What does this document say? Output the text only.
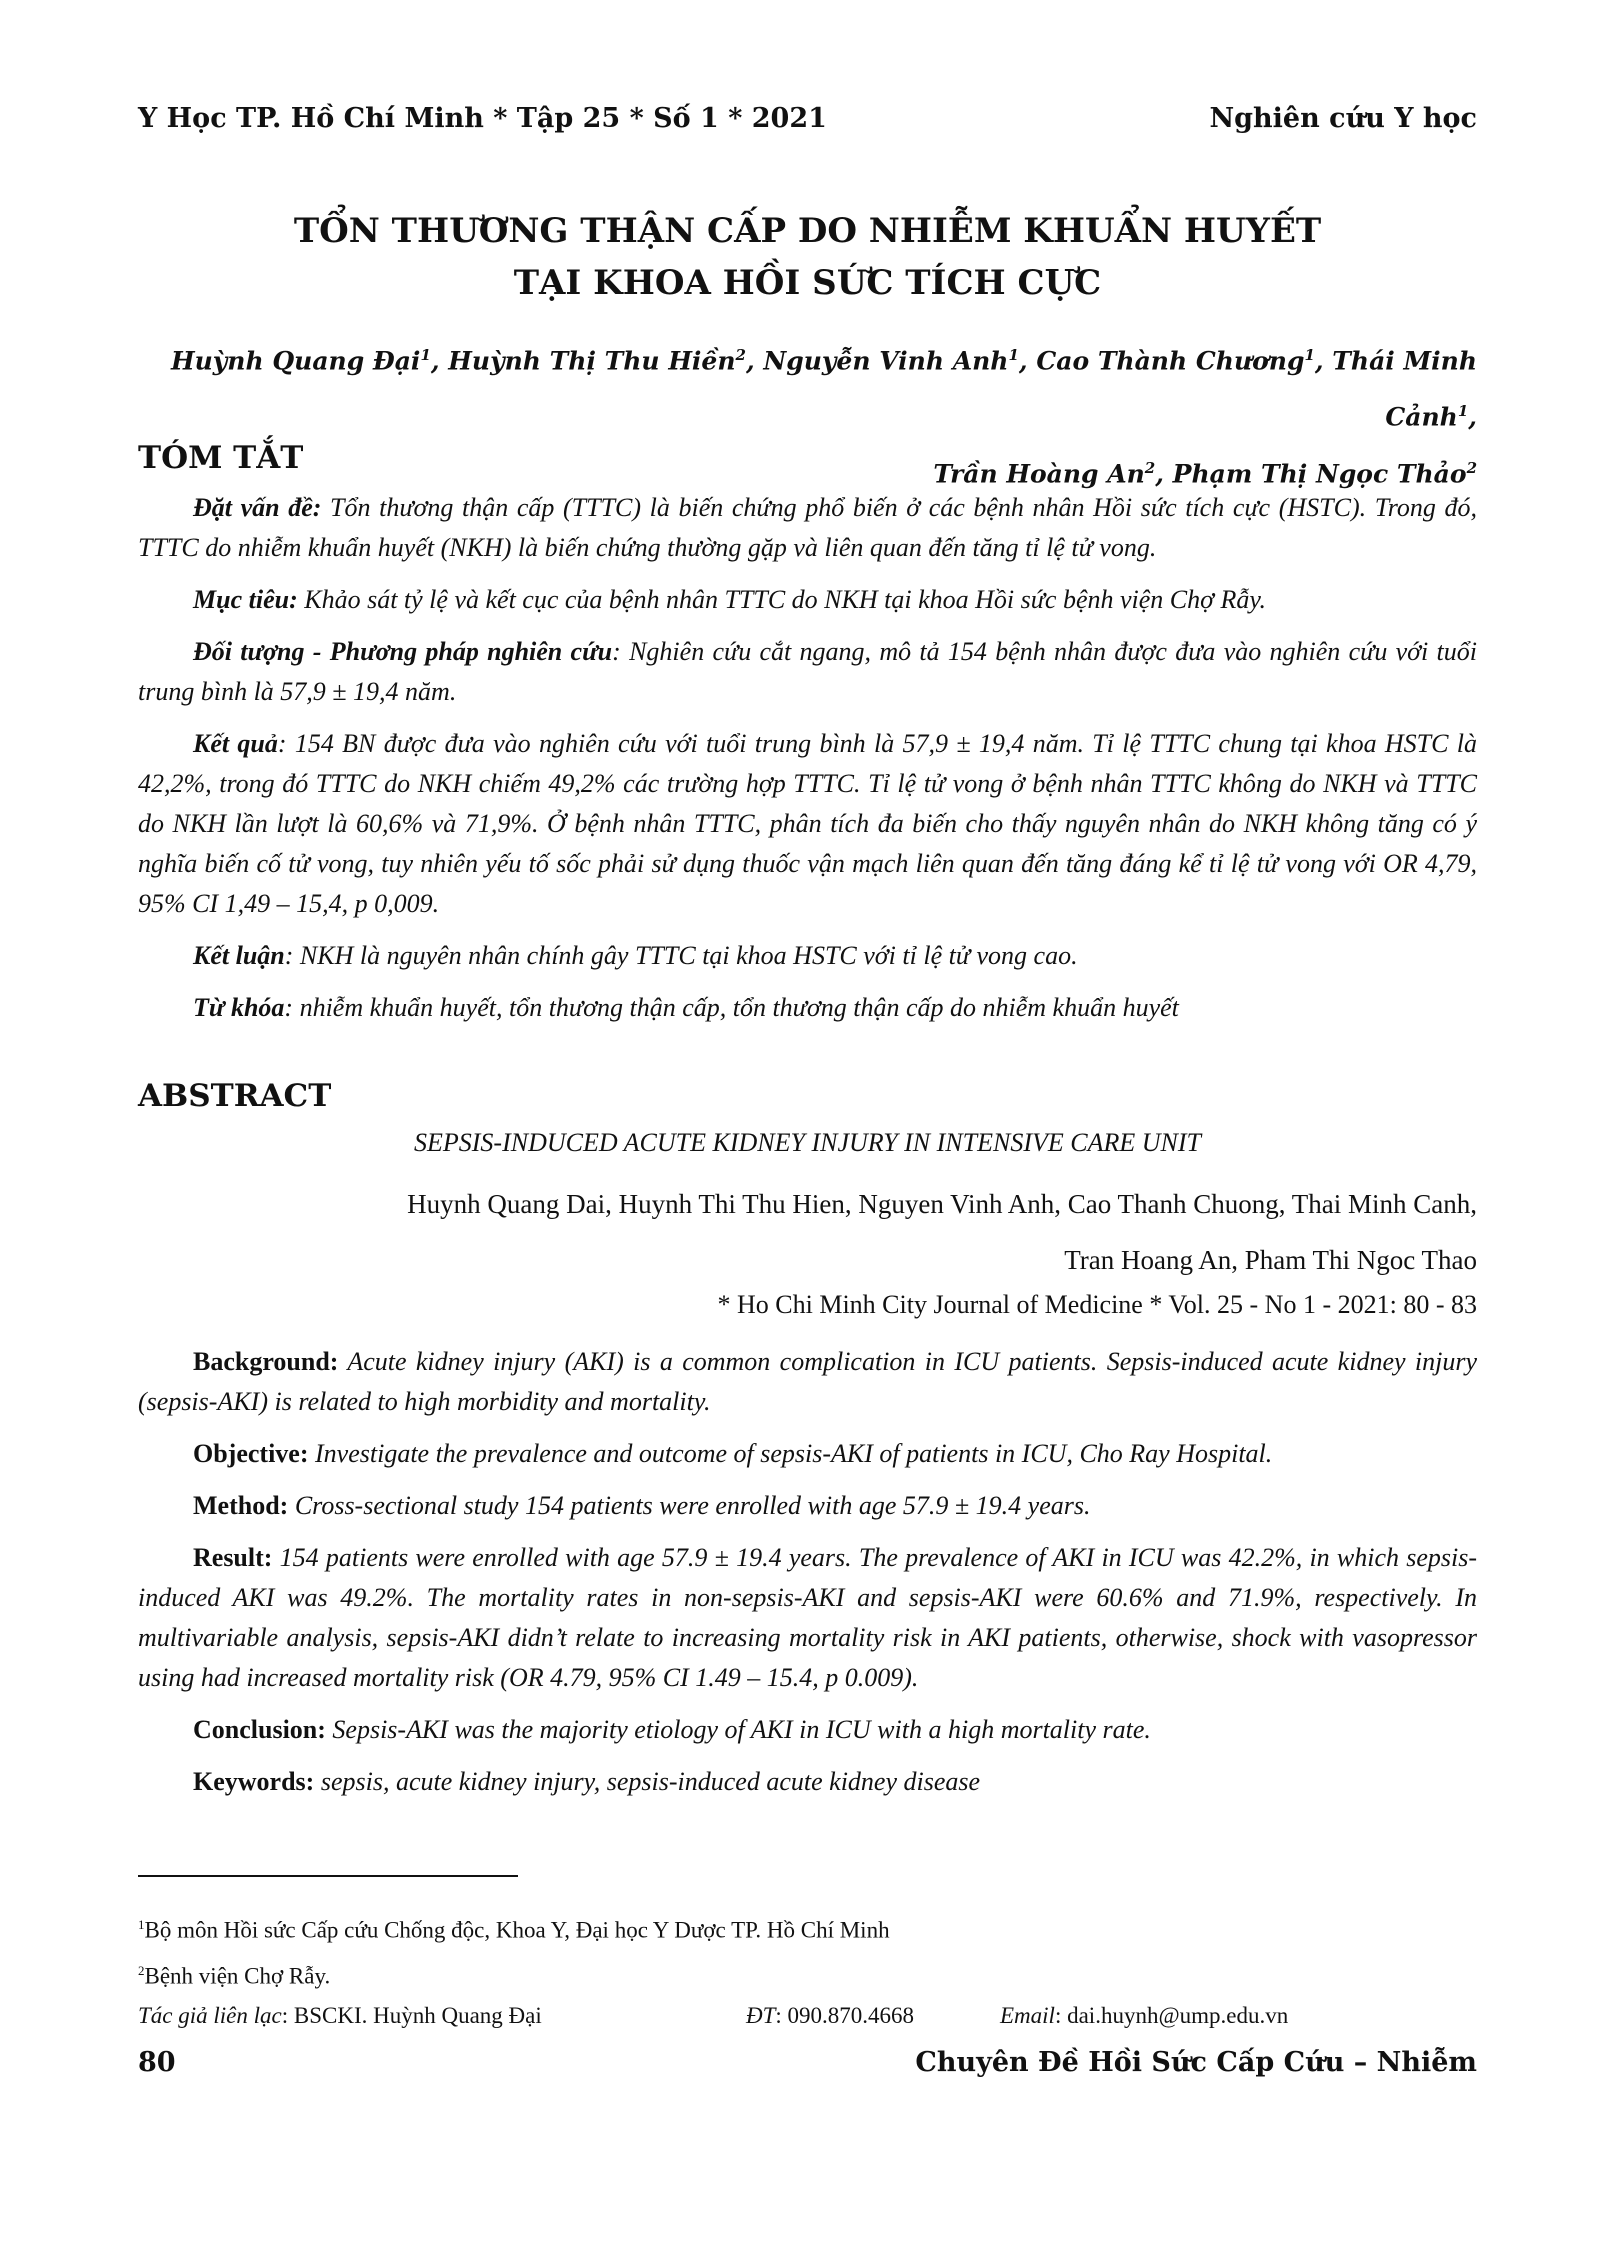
Y Học TP. Hồ Chí Minh * Tập 25 * Số 1 * 2021	Nghiên cứu Y học
TỔN THƯƠNG THẬN CẤP DO NHIỄM KHUẨN HUYẾT
TẠI KHOA HỒI SỨC TÍCH CỰC
Huỳnh Quang Đại$^1$, Huỳnh Thị Thu Hiền$^2$, Nguyễn Vinh Anh$^1$, Cao Thành Chương$^1$, Thái Minh Cảnh$^1$,
Trần Hoàng An$^2$, Phạm Thị Ngọc Thảo$^2$
TÓM TẮT

Đặt vấn đề: Tổn thương thận cấp (TTTC) là biến chứng phổ biến ở các bệnh nhân Hồi sức tích cực (HSTC). Trong đó, TTTC do nhiễm khuẩn huyết (NKH) là biến chứng thường gặp và liên quan đến tăng tỉ lệ tử vong.

Mục tiêu: Khảo sát tỷ lệ và kết cục của bệnh nhân TTTC do NKH tại khoa Hồi sức bệnh viện Chợ Rẫy.

Đối tượng - Phương pháp nghiên cứu: Nghiên cứu cắt ngang, mô tả 154 bệnh nhân được đưa vào nghiên cứu với tuổi trung bình là 57,9 ± 19,4 năm.

Kết quả: 154 BN được đưa vào nghiên cứu với tuổi trung bình là 57,9 ± 19,4 năm. Tỉ lệ TTTC chung tại khoa HSTC là 42,2%, trong đó TTTC do NKH chiếm 49,2% các trường hợp TTTC. Tỉ lệ tử vong ở bệnh nhân TTTC không do NKH và TTTC do NKH lần lượt là 60,6% và 71,9%. Ở bệnh nhân TTTC, phân tích đa biến cho thấy nguyên nhân do NKH không tăng có ý nghĩa biến cố tử vong, tuy nhiên yếu tố sốc phải sử dụng thuốc vận mạch liên quan đến tăng đáng kể tỉ lệ tử vong với OR 4,79, 95% CI 1,49 – 15,4, p 0,009.

Kết luận: NKH là nguyên nhân chính gây TTTC tại khoa HSTC với tỉ lệ tử vong cao.

Từ khóa: nhiễm khuẩn huyết, tổn thương thận cấp, tổn thương thận cấp do nhiễm khuẩn huyết

ABSTRACT
SEPSIS-INDUCED ACUTE KIDNEY INJURY IN INTENSIVE CARE UNIT
Huynh Quang Dai, Huynh Thi Thu Hien, Nguyen Vinh Anh, Cao Thanh Chuong, Thai Minh Canh,
Tran Hoang An, Pham Thi Ngoc Thao
* Ho Chi Minh City Journal of Medicine * Vol. 25 - No 1 - 2021: 80 - 83

Background: Acute kidney injury (AKI) is a common complication in ICU patients. Sepsis-induced acute kidney injury (sepsis-AKI) is related to high morbidity and mortality.

Objective: Investigate the prevalence and outcome of sepsis-AKI of patients in ICU, Cho Ray Hospital.

Method: Cross-sectional study 154 patients were enrolled with age 57.9 ± 19.4 years.

Result: 154 patients were enrolled with age 57.9 ± 19.4 years. The prevalence of AKI in ICU was 42.2%, in which sepsis-induced AKI was 49.2%. The mortality rates in non-sepsis-AKI and sepsis-AKI were 60.6% and 71.9%, respectively. In multivariable analysis, sepsis-AKI didn’t relate to increasing mortality risk in AKI patients, otherwise, shock with vasopressor using had increased mortality risk (OR 4.79, 95% CI 1.49 – 15.4, p 0.009).

Conclusion: Sepsis-AKI was the majority etiology of AKI in ICU with a high mortality rate.

Keywords: sepsis, acute kidney injury, sepsis-induced acute kidney disease

$^1$Bộ môn Hồi sức Cấp cứu Chống độc, Khoa Y, Đại học Y Dược TP. Hồ Chí Minh
$^2$Bệnh viện Chợ Rẫy.
Tác giả liên lạc: BSCKI. Huỳnh Quang Đại	ĐT: 090.870.4668	Email: dai.huynh@ump.edu.vn
80	Chuyên Đề Hồi Sức Cấp Cứu – Nhiễm
